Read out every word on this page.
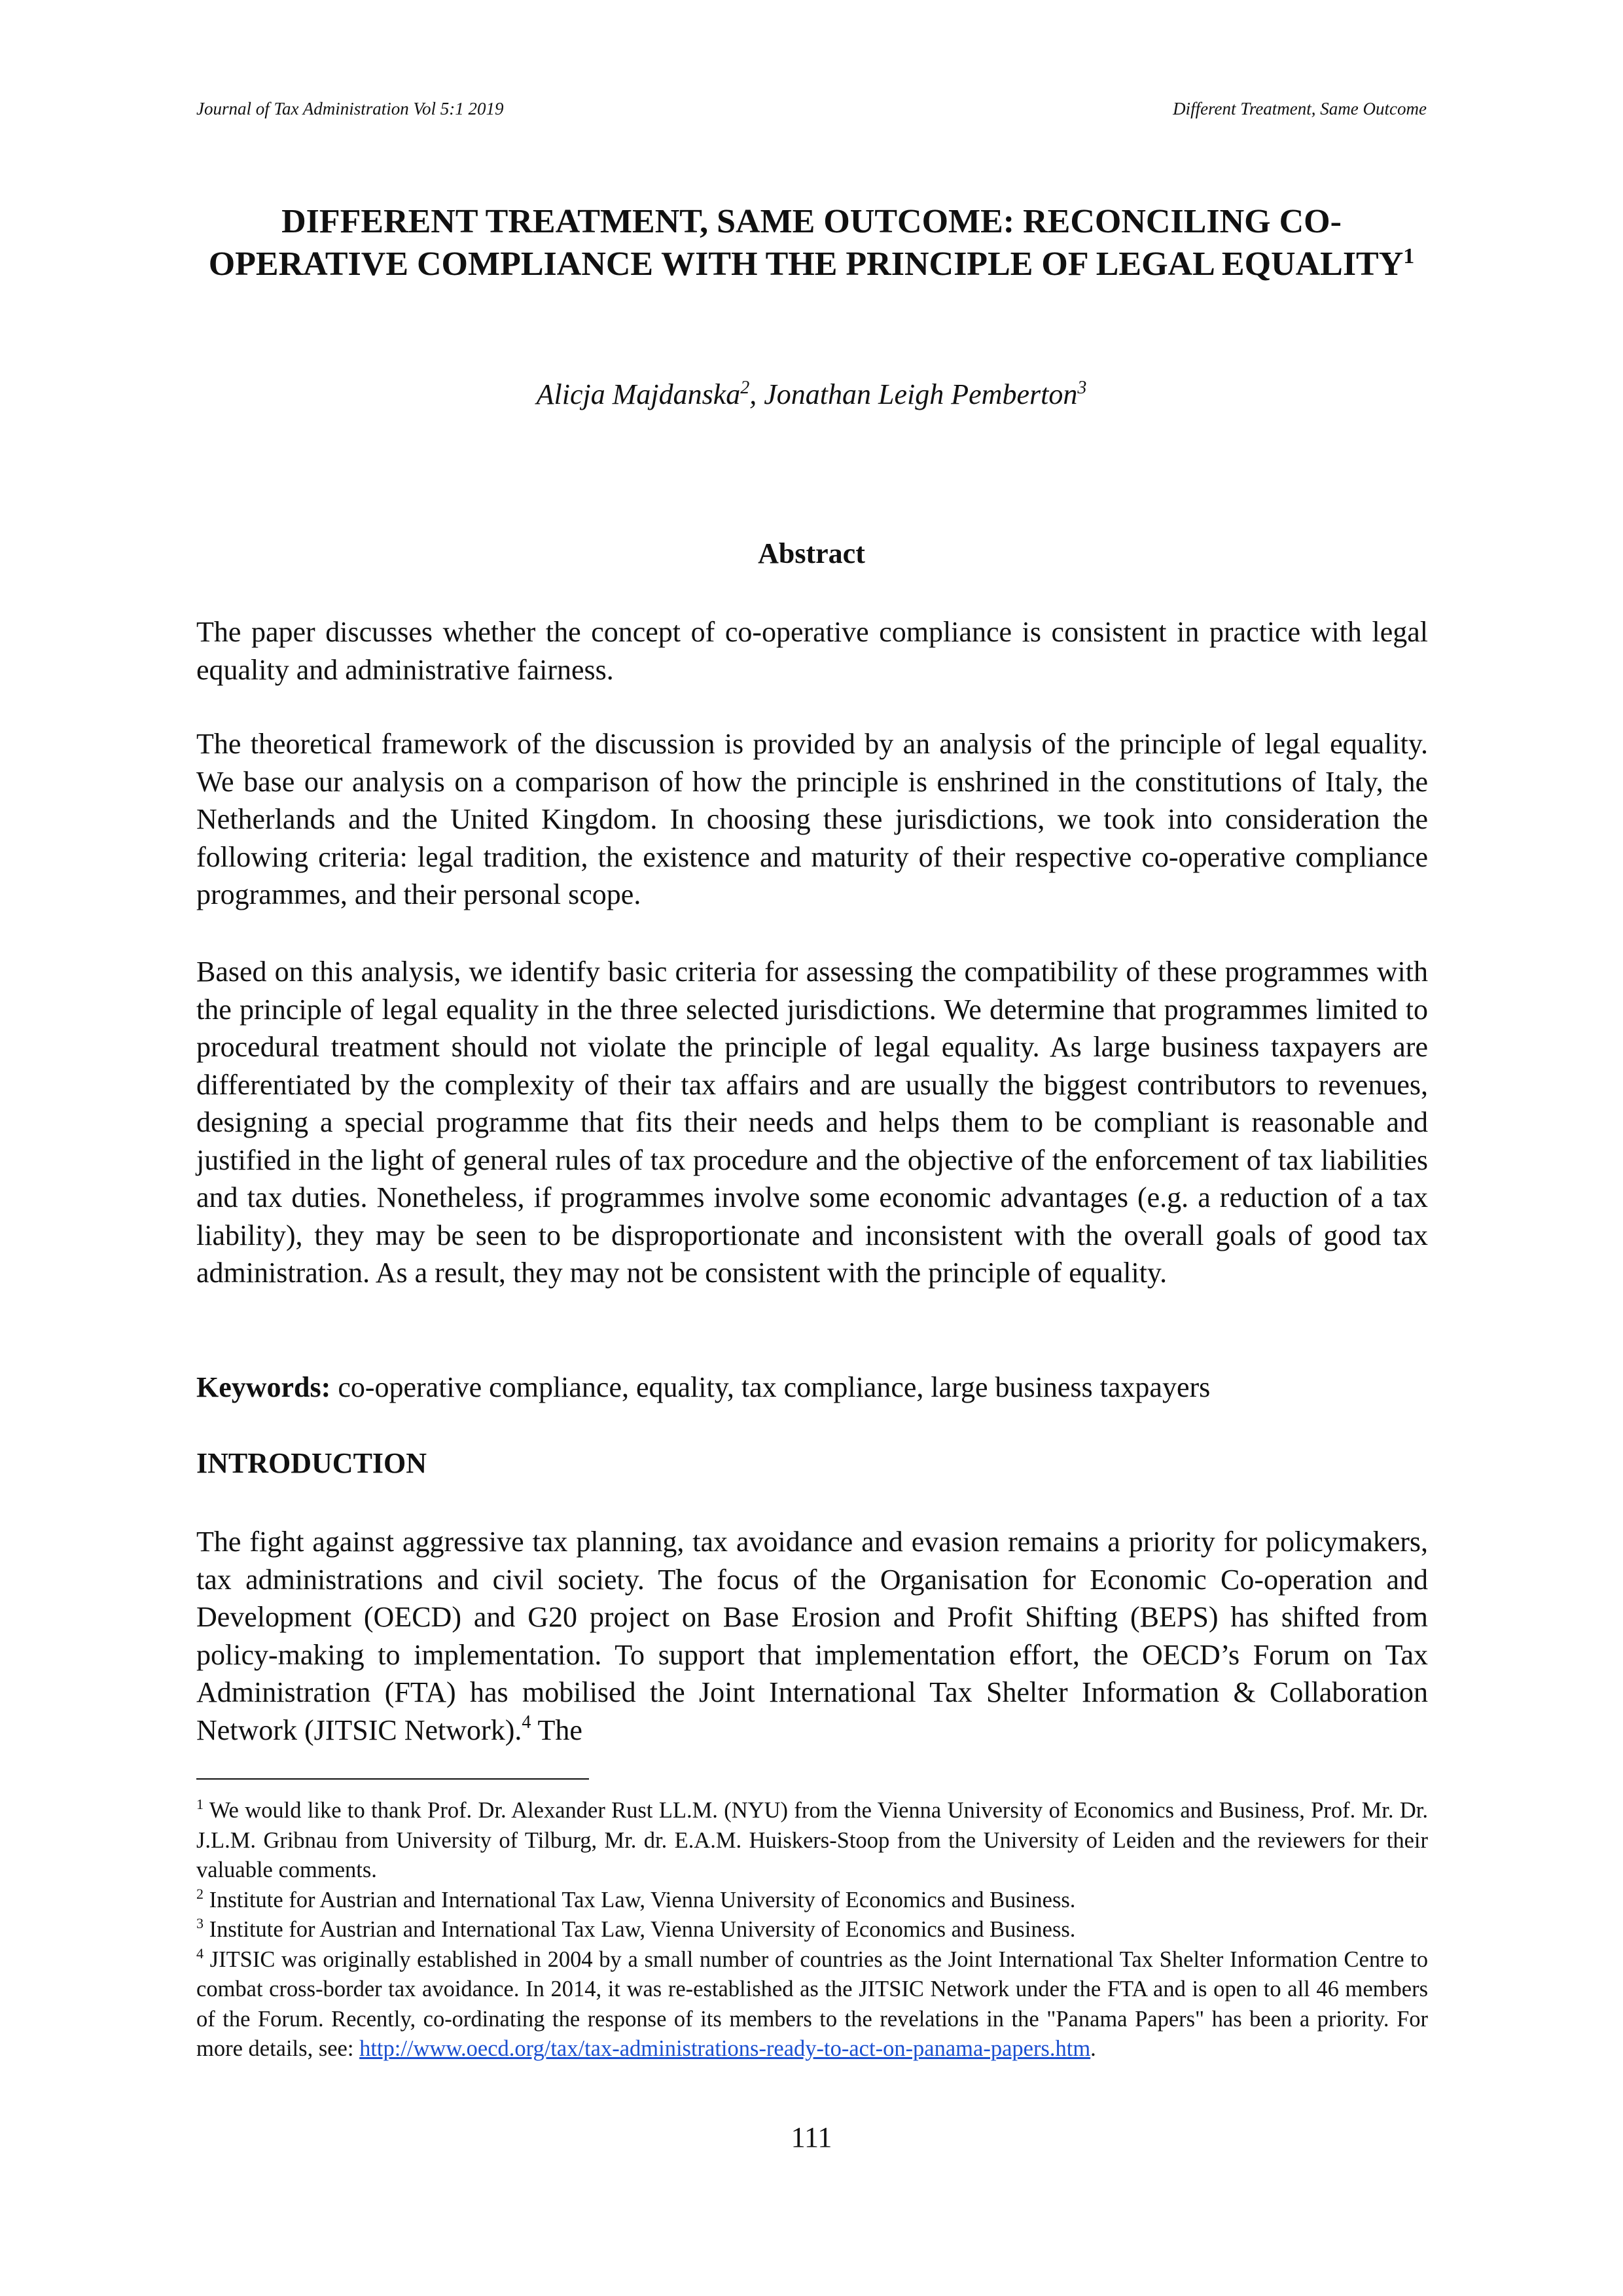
Journal of Tax Administration Vol 5:1 2019	Different Treatment, Same Outcome
DIFFERENT TREATMENT, SAME OUTCOME: RECONCILING CO-OPERATIVE COMPLIANCE WITH THE PRINCIPLE OF LEGAL EQUALITY$^1$
Alicja Majdanska$^2$, Jonathan Leigh Pemberton$^3$
Abstract

The paper discusses whether the concept of co-operative compliance is consistent in practice with legal equality and administrative fairness.

The theoretical framework of the discussion is provided by an analysis of the principle of legal equality. We base our analysis on a comparison of how the principle is enshrined in the constitutions of Italy, the Netherlands and the United Kingdom. In choosing these jurisdictions, we took into consideration the following criteria: legal tradition, the existence and maturity of their respective co-operative compliance programmes, and their personal scope.

Based on this analysis, we identify basic criteria for assessing the compatibility of these programmes with the principle of legal equality in the three selected jurisdictions. We determine that programmes limited to procedural treatment should not violate the principle of legal equality. As large business taxpayers are differentiated by the complexity of their tax affairs and are usually the biggest contributors to revenues, designing a special programme that fits their needs and helps them to be compliant is reasonable and justified in the light of general rules of tax procedure and the objective of the enforcement of tax liabilities and tax duties. Nonetheless, if programmes involve some economic advantages (e.g. a reduction of a tax liability), they may be seen to be disproportionate and inconsistent with the overall goals of good tax administration. As a result, they may not be consistent with the principle of equality.

Keywords: co-operative compliance, equality, tax compliance, large business taxpayers

INTRODUCTION

The fight against aggressive tax planning, tax avoidance and evasion remains a priority for policymakers, tax administrations and civil society. The focus of the Organisation for Economic Co-operation and Development (OECD) and G20 project on Base Erosion and Profit Shifting (BEPS) has shifted from policy-making to implementation. To support that implementation effort, the OECD’s Forum on Tax Administration (FTA) has mobilised the Joint International Tax Shelter Information & Collaboration Network (JITSIC Network).$^4$ The

$^1$ We would like to thank Prof. Dr. Alexander Rust LL.M. (NYU) from the Vienna University of Economics and Business, Prof. Mr. Dr. J.L.M. Gribnau from University of Tilburg, Mr. dr. E.A.M. Huiskers-Stoop from the University of Leiden and the reviewers for their valuable comments.

$^2$ Institute for Austrian and International Tax Law, Vienna University of Economics and Business.

$^3$ Institute for Austrian and International Tax Law, Vienna University of Economics and Business.

$^4$ JITSIC was originally established in 2004 by a small number of countries as the Joint International Tax Shelter Information Centre to combat cross-border tax avoidance. In 2014, it was re-established as the JITSIC Network under the FTA and is open to all 46 members of the Forum. Recently, co-ordinating the response of its members to the revelations in the "Panama Papers" has been a priority. For more details, see: http://www.oecd.org/tax/tax-administrations-ready-to-act-on-panama-papers.htm.

111
